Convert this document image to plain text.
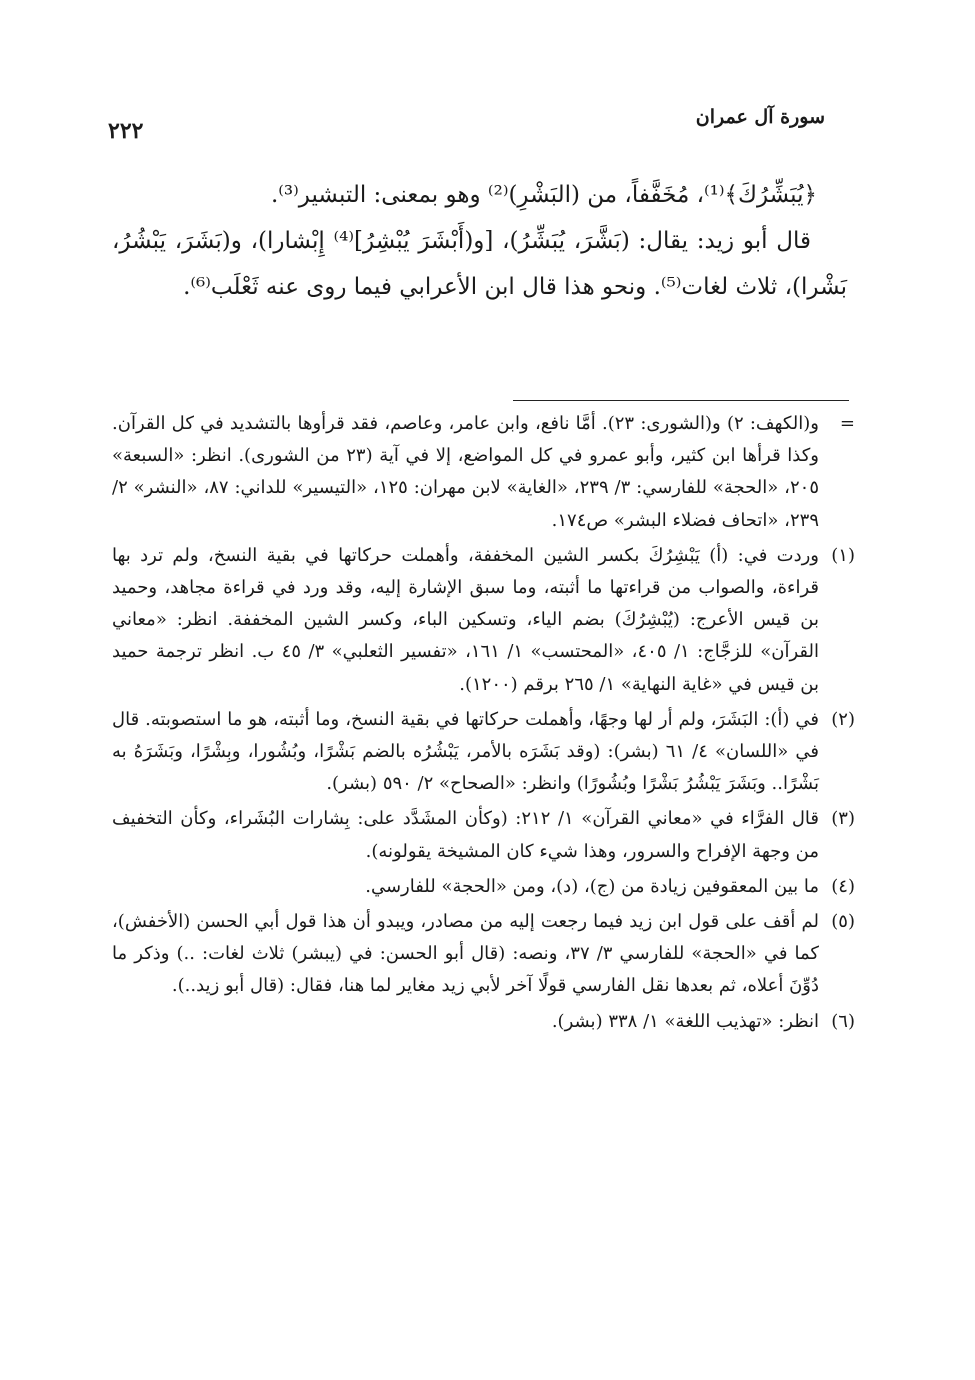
سورة آل عمران
٢٢٢

﴿يُبَشِّرُكَ﴾⁽¹⁾، مُخَفَّفاً، من (البَشْرِ)⁽²⁾ وهو بمعنى: التبشير⁽³⁾.

قال أبو زيد: يقال: (بَشَّرَ، يُبَشِّرُ)، [و(أَبْشَرَ يُبْشِرُ]⁽⁴⁾ إِبْشارا)، و(بَشَرَ، يَبْشُرُ، بَشْرا)، ثلاث لغات⁽⁵⁾. ونحو هذا قال ابن الأعرابي فيما روى عنه ثَعْلَب⁽⁶⁾.

=
و(الكهف: ٢) و(الشورى: ٢٣). أمَّا نافع، وابن عامر، وعاصم، فقد قرأوها بالتشديد في كل القرآن. وكذا قرأها ابن كثير، وأبو عمرو في كل المواضع، إلا في آية (٢٣ من الشورى). انظر: «السبعة» ٢٠٥، «الحجة» للفارسي: ٣/ ٢٣٩، «الغاية» لابن مهران: ١٢٥، «التيسير» للداني: ٨٧، «النشر» ٢/ ٢٣٩، «اتحاف فضلاء البشر» ص١٧٤.
(١)
وردت في: (أ) يَبْشِرُكَ بكسر الشين المخففة، وأهملت حركاتها في بقية النسخ، ولم ترد بها قراءة، والصواب من قراءتها ما أثبته، وما سبق الإشارة إليه، وقد ورد في قراءة مجاهد، وحميد بن قيس الأعرج: (يُبْشِرُكَ) بضم الياء، وتسكين الباء، وكسر الشين المخففة. انظر: «معاني القرآن» للزجَّاج: ١/ ٤٠٥، «المحتسب» ١/ ١٦١، «تفسير الثعلبي» ٣/ ٤٥ ب. انظر ترجمة حميد بن قيس في «غاية النهاية» ١/ ٢٦٥ برقم (١٢٠٠).
(٢)
في (أ): البَشَرَ، ولم أر لها وجهًا، وأهملت حركاتها في بقية النسخ، وما أثبته، هو ما استصوبته. قال في «اللسان» ٤/ ٦١ (بشر): (وقد بَشَرَه بالأمر، يَبْشُرُه بالضم بَشْرًا، وبُشُورا، وبِشْرًا، وبَشَرَهُ به بَشْرًا.. وبَشَرَ يَبْشُرُ بَشْرًا وبُشُورًا) وانظر: «الصحاح» ٢/ ٥٩٠ (بشر).
(٣)
قال الفرَّاء في «معاني القرآن» ١/ ٢١٢: (وكأن المشَدَّد على: بِشارات البُشَراء، وكأن التخفيف من وجهة الإفراح والسرور، وهذا شيء كان المشيخة يقولونه).
(٤)
ما بين المعقوفين زيادة من (ج)، (د)، ومن «الحجة» للفارسي.
(٥)
لم أقف على قول ابن زيد فيما رجعت إليه من مصادر، ويبدو أن هذا قول أبي الحسن (الأخفش)، كما في «الحجة» للفارسي ٣/ ٣٧، ونصه: (قال أبو الحسن: في (يبشر) ثلاث لغات: ..) وذكر ما دُوِّنَ أعلاه، ثم بعدها نقل الفارسي قولًا آخر لأبي زيد مغاير لما هنا، فقال: (قال أبو زيد..).
(٦)
انظر: «تهذيب اللغة» ١/ ٣٣٨ (بشر).
